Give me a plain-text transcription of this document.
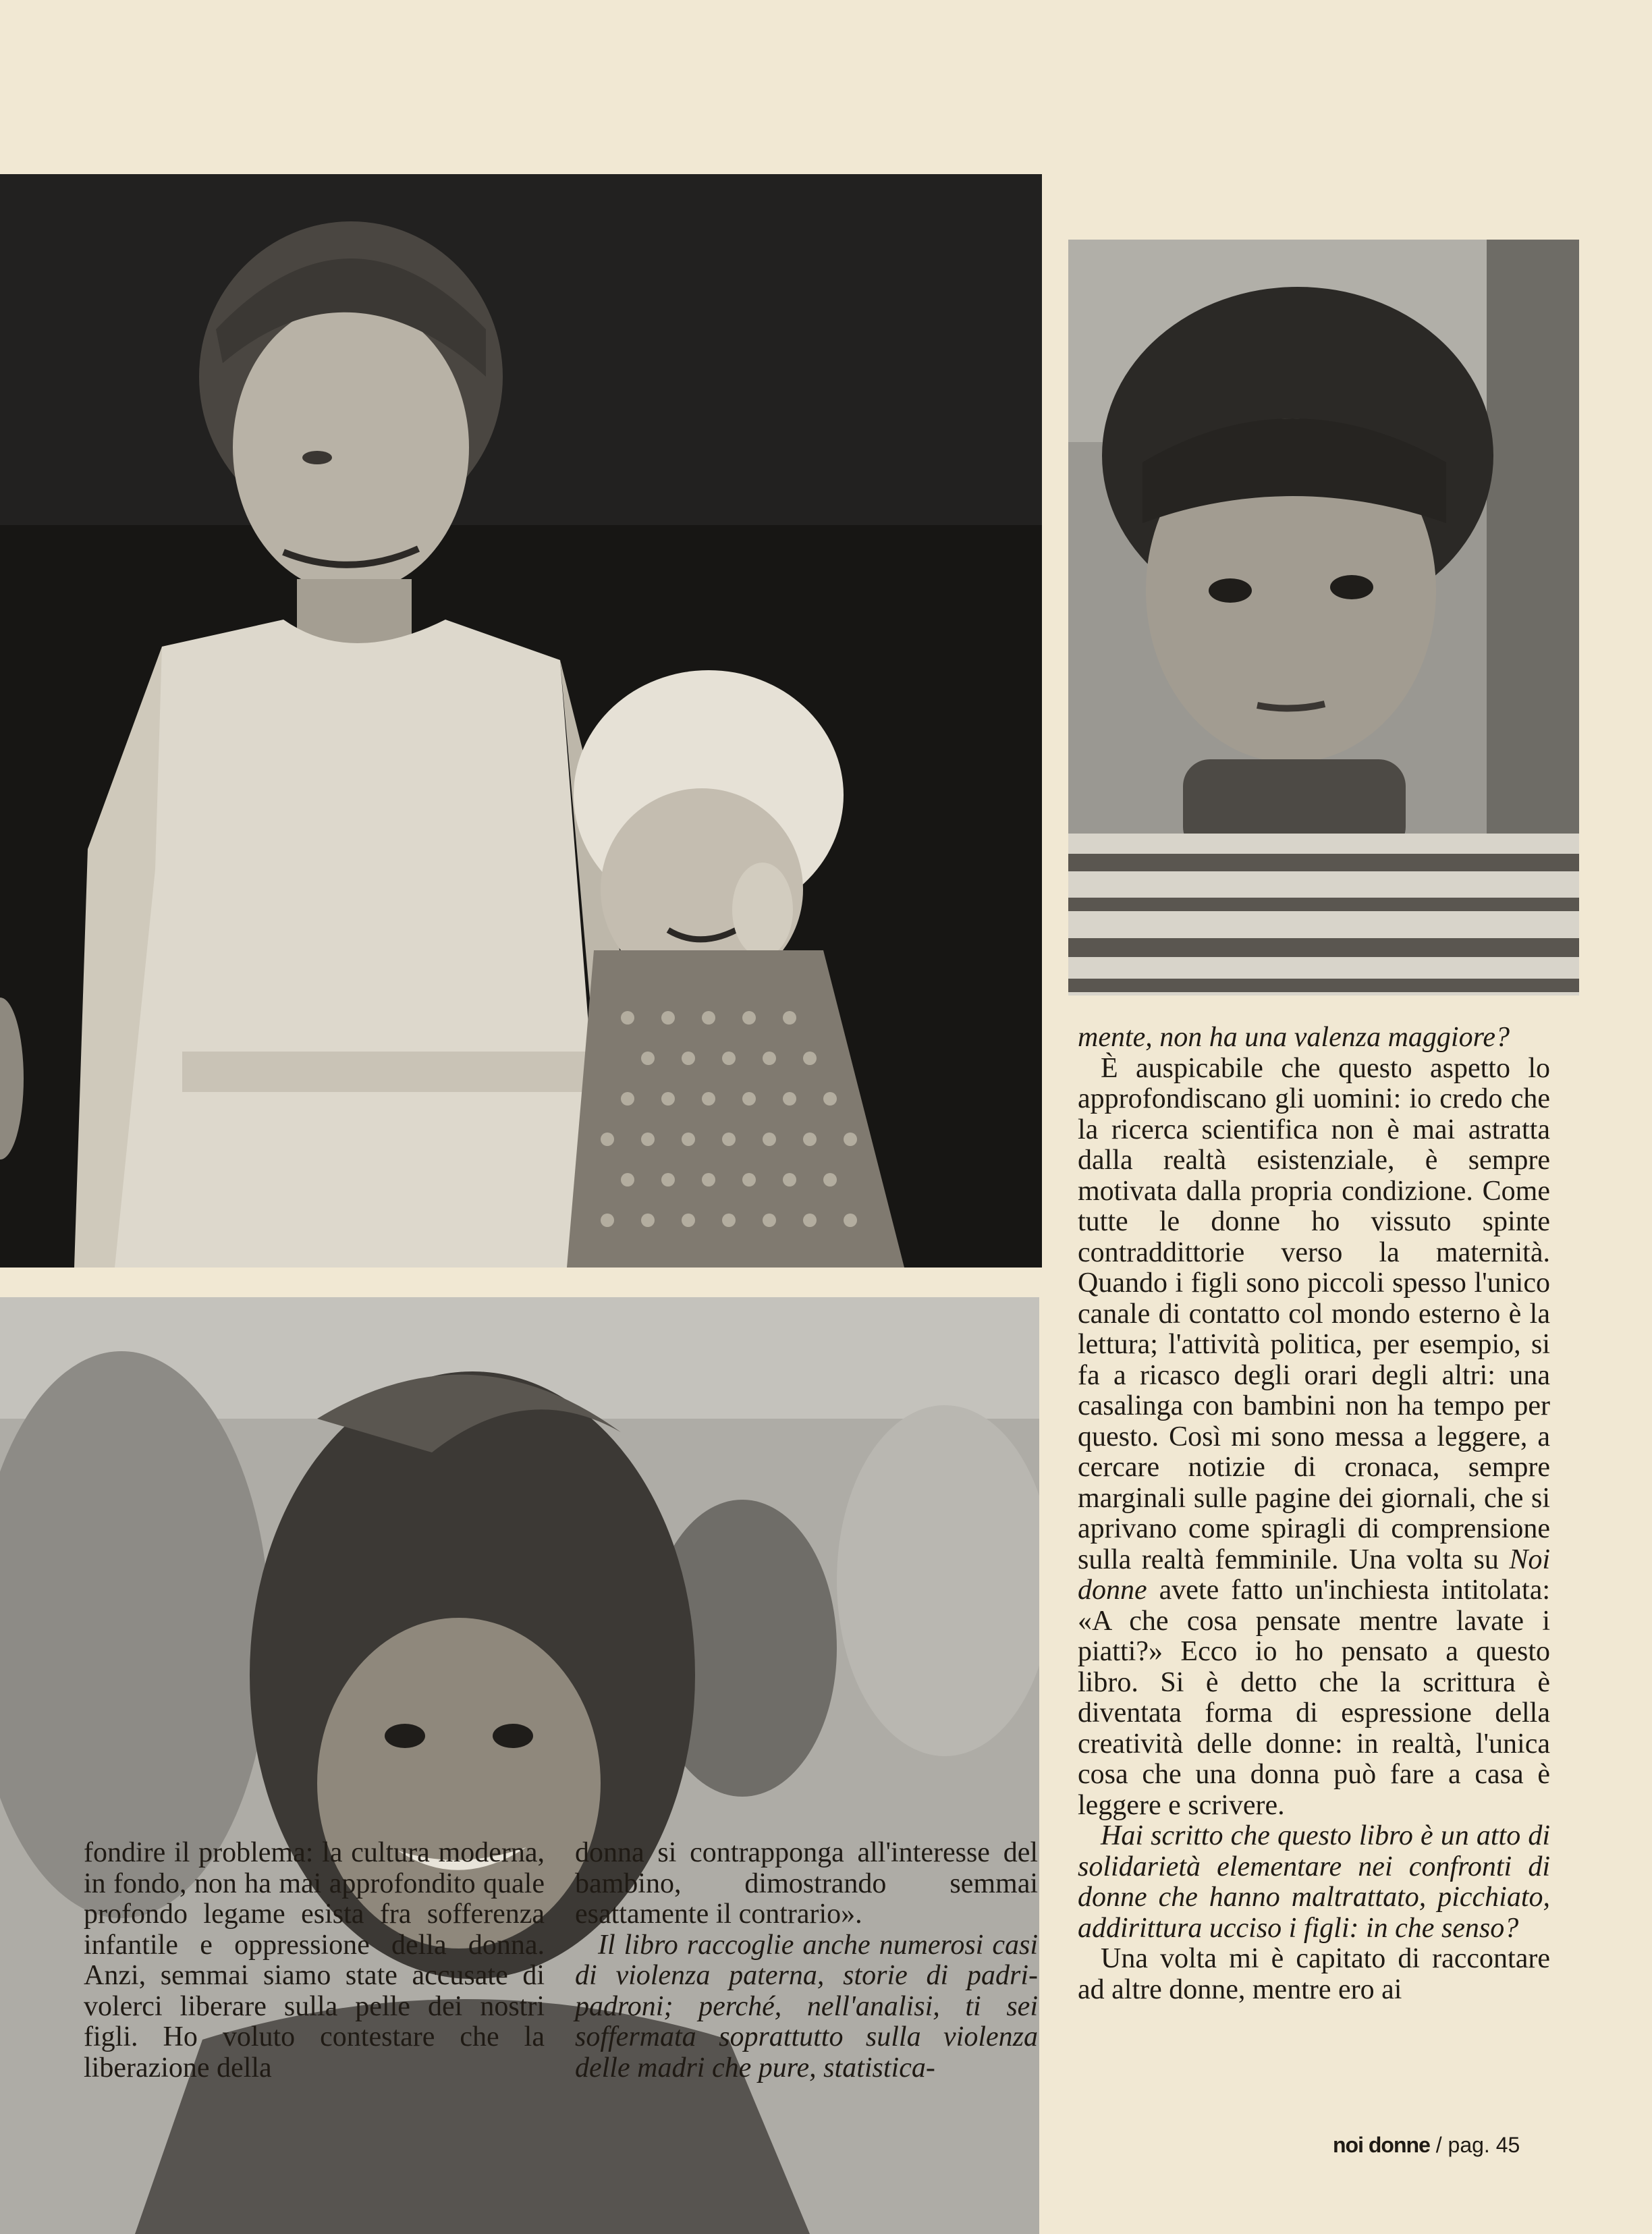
fondire il problema: la cultura moderna, in fondo, non ha mai approfondito quale profondo legame esista fra sofferenza infantile e oppressione della donna. Anzi, semmai siamo state accusate di volerci liberare sulla pelle dei nostri figli. Ho voluto contestare che la liberazione della

donna si contrapponga all'interesse del bambino, dimostrando semmai esattamente il contrario».

Il libro raccoglie anche numerosi casi di violenza paterna, storie di padri-padroni; perché, nell'analisi, ti sei soffermata soprattutto sulla violenza delle madri che pure, statistica-

mente, non ha una valenza maggiore?

È auspicabile che questo aspetto lo approfondiscano gli uomini: io credo che la ricerca scientifica non è mai astratta dalla realtà esistenziale, è sempre motivata dalla propria condizione. Come tutte le donne ho vissuto spinte contraddittorie verso la maternità. Quando i figli sono piccoli spesso l'unico canale di contatto col mondo esterno è la lettura; l'attività politica, per esempio, si fa a ricasco degli orari degli altri: una casalinga con bambini non ha tempo per questo. Così mi sono messa a leggere, a cercare notizie di cronaca, sempre marginali sulle pagine dei giornali, che si aprivano come spiragli di comprensione sulla realtà femminile. Una volta su Noi donne avete fatto un'inchiesta intitolata: «A che cosa pensate mentre lavate i piatti?» Ecco io ho pensato a questo libro. Si è detto che la scrittura è diventata forma di espressione della creatività delle donne: in realtà, l'unica cosa che una donna può fare a casa è leggere e scrivere.

Hai scritto che questo libro è un atto di solidarietà elementare nei confronti di donne che hanno maltrattato, picchiato, addirittura ucciso i figli: in che senso?

Una volta mi è capitato di raccontare ad altre donne, mentre ero ai

noi donne / pag. 45
